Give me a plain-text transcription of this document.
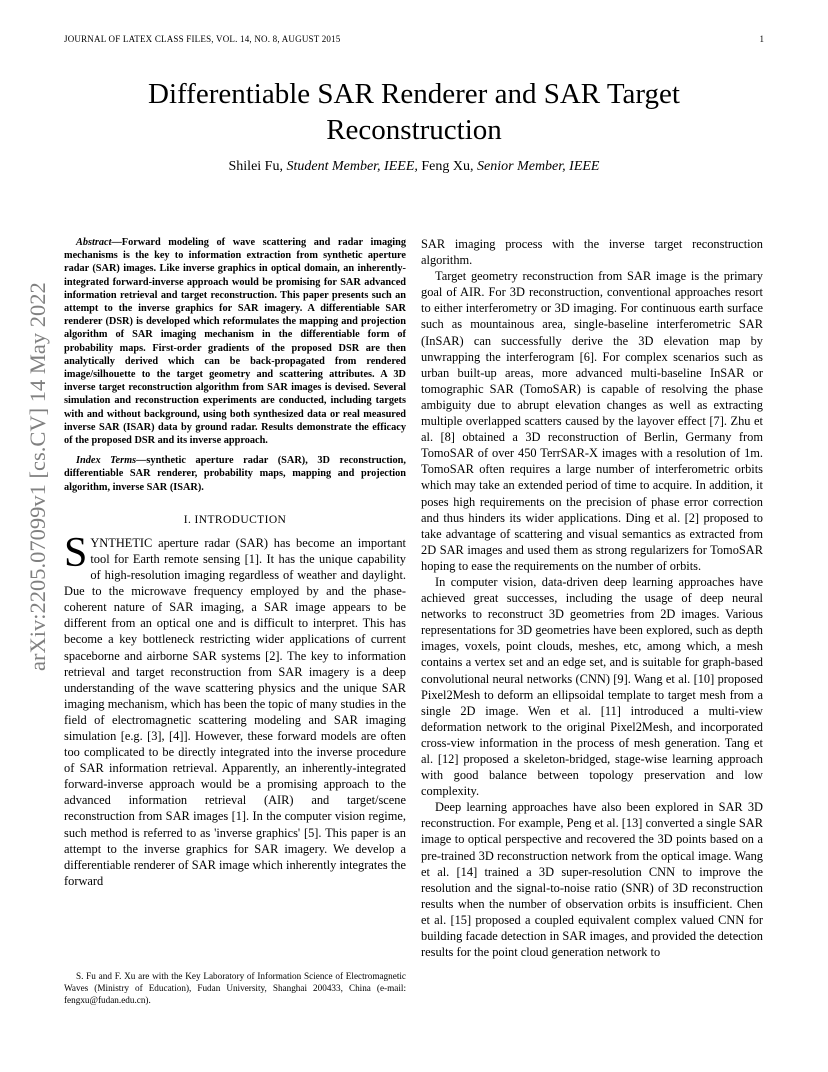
JOURNAL OF LATEX CLASS FILES, VOL. 14, NO. 8, AUGUST 2015	1
Differentiable SAR Renderer and SAR Target Reconstruction
Shilei Fu, Student Member, IEEE, Feng Xu, Senior Member, IEEE
arXiv:2205.07099v1 [cs.CV] 14 May 2022

Abstract—Forward modeling of wave scattering and radar imaging mechanisms is the key to information extraction from synthetic aperture radar (SAR) images. Like inverse graphics in optical domain, an inherently-integrated forward-inverse approach would be promising for SAR advanced information retrieval and target reconstruction. This paper presents such an attempt to the inverse graphics for SAR imagery. A differentiable SAR renderer (DSR) is developed which reformulates the mapping and projection algorithm of SAR imaging mechanism in the differentiable form of probability maps. First-order gradients of the proposed DSR are then analytically derived which can be back-propagated from rendered image/silhouette to the target geometry and scattering attributes. A 3D inverse target reconstruction algorithm from SAR images is devised. Several simulation and reconstruction experiments are conducted, including targets with and without background, using both synthesized data or real measured inverse SAR (ISAR) data by ground radar. Results demonstrate the efficacy of the proposed DSR and its inverse approach.

Index Terms—synthetic aperture radar (SAR), 3D reconstruction, differentiable SAR renderer, probability maps, mapping and projection algorithm, inverse SAR (ISAR).

I. INTRODUCTION

SYNTHETIC aperture radar (SAR) has become an important tool for Earth remote sensing [1]. It has the unique capability of high-resolution imaging regardless of weather and daylight. Due to the microwave frequency employed by and the phase-coherent nature of SAR imaging, a SAR image appears to be different from an optical one and is difficult to interpret. This has become a key bottleneck restricting wider applications of current spaceborne and airborne SAR systems [2]. The key to information retrieval and target reconstruction from SAR imagery is a deep understanding of the wave scattering physics and the unique SAR imaging mechanism, which has been the topic of many studies in the field of electromagnetic scattering modeling and SAR imaging simulation [e.g. [3], [4]]. However, these forward models are often too complicated to be directly integrated into the inverse procedure of SAR information retrieval. Apparently, an inherently-integrated forward-inverse approach would be a promising approach to the advanced information retrieval (AIR) and target/scene reconstruction from SAR images [1]. In the computer vision regime, such method is referred to as 'inverse graphics' [5]. This paper is an attempt to the inverse graphics for SAR imagery. We develop a differentiable renderer of SAR image which inherently integrates the forward

S. Fu and F. Xu are with the Key Laboratory of Information Science of Electromagnetic Waves (Ministry of Education), Fudan University, Shanghai 200433, China (e-mail: fengxu@fudan.edu.cn).

SAR imaging process with the inverse target reconstruction algorithm.

Target geometry reconstruction from SAR image is the primary goal of AIR. For 3D reconstruction, conventional approaches resort to either interferometry or 3D imaging. For continuous earth surface such as mountainous area, single-baseline interferometric SAR (InSAR) can successfully derive the 3D elevation map by unwrapping the interferogram [6]. For complex scenarios such as urban built-up areas, more advanced multi-baseline InSAR or tomographic SAR (TomoSAR) is capable of resolving the phase ambiguity due to abrupt elevation changes as well as extracting multiple overlapped scatters caused by the layover effect [7]. Zhu et al. [8] obtained a 3D reconstruction of Berlin, Germany from TomoSAR of over 450 TerrSAR-X images with a resolution of 1m. TomoSAR often requires a large number of interferometric orbits which may take an extended period of time to acquire. In addition, it poses high requirements on the precision of phase error correction and thus hinders its wider applications. Ding et al. [2] proposed to take advantage of scattering and visual semantics as extracted from 2D SAR images and used them as strong regularizers for TomoSAR hoping to ease the requirements on the number of orbits.

In computer vision, data-driven deep learning approaches have achieved great successes, including the usage of deep neural networks to reconstruct 3D geometries from 2D images. Various representations for 3D geometries have been explored, such as depth images, voxels, point clouds, meshes, etc, among which, a mesh contains a vertex set and an edge set, and is suitable for graph-based convolutional neural networks (CNN) [9]. Wang et al. [10] proposed Pixel2Mesh to deform an ellipsoidal template to target mesh from a single 2D image. Wen et al. [11] introduced a multi-view deformation network to the original Pixel2Mesh, and incorporated cross-view information in the process of mesh generation. Tang et al. [12] proposed a skeleton-bridged, stage-wise learning approach with good balance between topology preservation and low complexity.

Deep learning approaches have also been explored in SAR 3D reconstruction. For example, Peng et al. [13] converted a single SAR image to optical perspective and recovered the 3D points based on a pre-trained 3D reconstruction network from the optical image. Wang et al. [14] trained a 3D super-resolution CNN to improve the resolution and the signal-to-noise ratio (SNR) of 3D reconstruction results when the number of observation orbits is insufficient. Chen et al. [15] proposed a coupled equivalent complex valued CNN for building facade detection in SAR images, and provided the detection results for the point cloud generation network to
